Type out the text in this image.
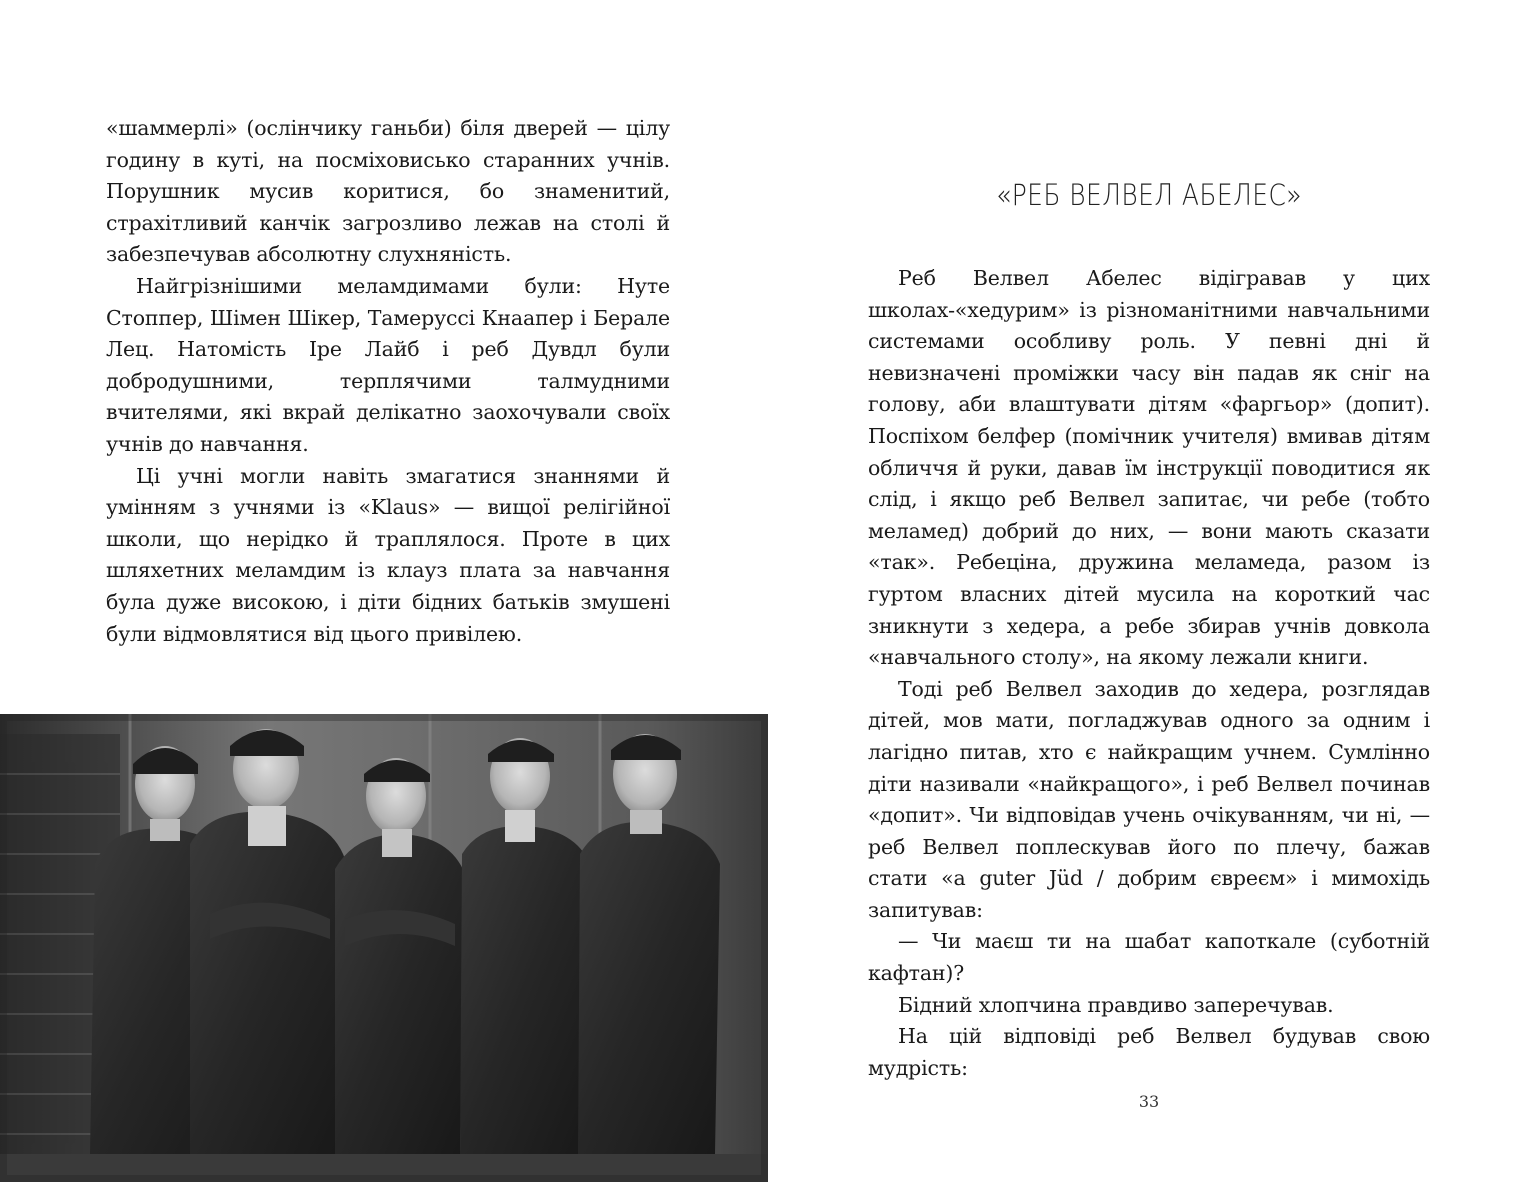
«шаммерлі» (ослінчику ганьби) біля дверей — цілу годину в куті, на посміховисько старанних учнів. Порушник мусив коритися, бо знаменитий, страхітливий канчік загрозливо лежав на столі й забезпечував абсолютну слухняність.

Найгрізнішими меламдимами були: Нуте Стоппер, Шімен Шікер, Тамеруссі Кнаапер і Берале Лец. Натомість Іре Лайб і реб Дувдл були добродушними, терплячими талмудними вчителями, які вкрай делікатно заохочували своїх учнів до навчання.

Ці учні могли навіть змагатися знаннями й умінням з учнями із «Klaus» — вищої релігійної школи, що нерідко й траплялося. Проте в цих шляхетних меламдим із клауз плата за навчання була дуже високою, і діти бідних батьків змушені були відмовлятися від цього привілею.

«РЕБ ВЕЛВЕЛ АБЕЛЕС»

Реб Велвел Абелес відігравав у цих школах-«хедурим» із різноманітними навчальними системами особливу роль. У певні дні й невизначені проміжки часу він падав як сніг на голову, аби влаштувати дітям «фаргьор» (допит). Поспіхом белфер (помічник учителя) вмивав дітям обличчя й руки, давав їм інструкції поводитися як слід, і якщо реб Велвел запитає, чи ребе (тобто меламед) добрий до них, — вони мають сказати «так». Ребеціна, дружина меламеда, разом із гуртом власних дітей мусила на короткий час зникнути з хедера, а ребе збирав учнів довкола «навчального столу», на якому лежали книги.

Тоді реб Велвел заходив до хедера, розглядав дітей, мов мати, погладжував одного за одним і лагідно питав, хто є найкращим учнем. Сумлінно діти називали «найкращого», і реб Велвел починав «допит». Чи відповідав учень очікуванням, чи ні, — реб Велвел поплескував його по плечу, бажав стати «a guter Jüd / добрим євреєм» і мимохідь запитував:

— Чи маєш ти на шабат капоткале (суботній кафтан)?

Бідний хлопчина правдиво заперечував.

На цій відповіді реб Велвел будував свою мудрість:

33
